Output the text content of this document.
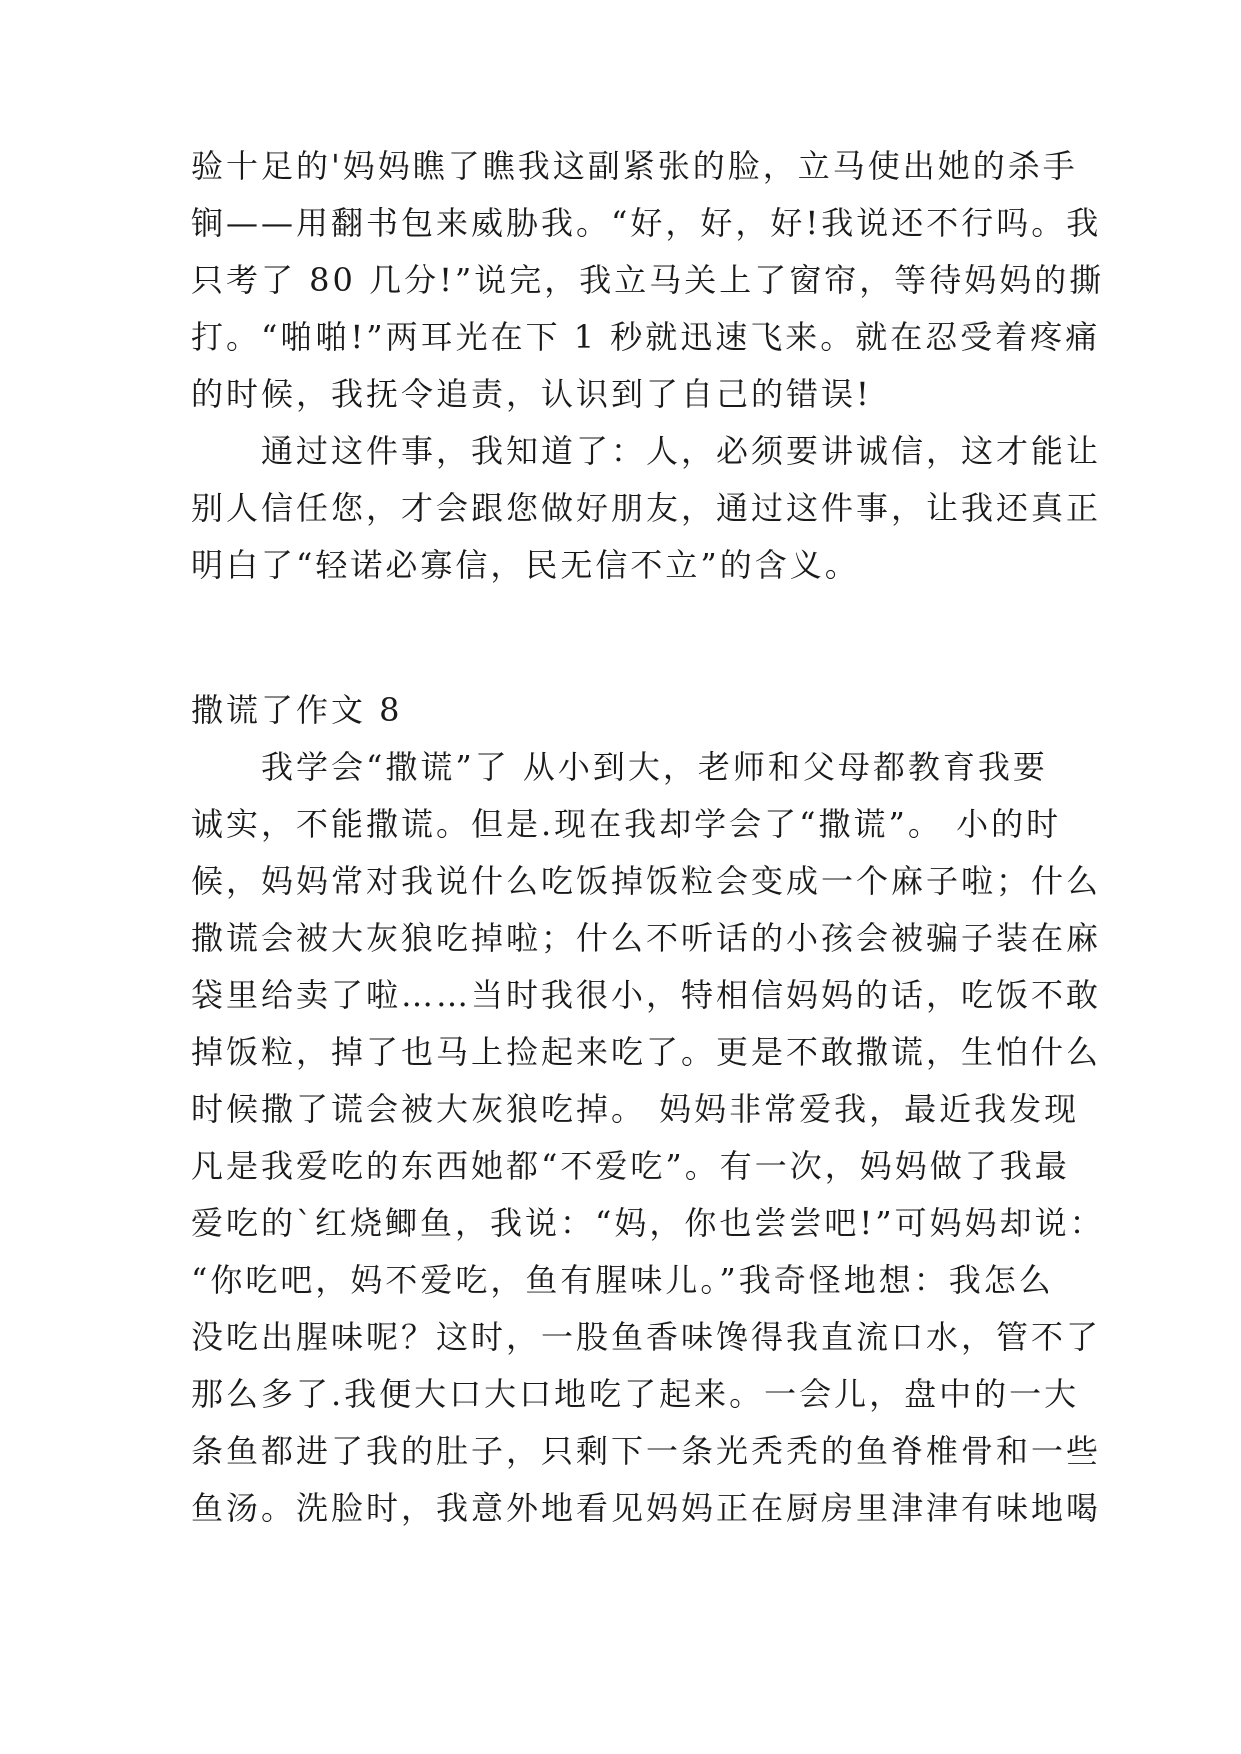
验十足的'妈妈瞧了瞧我这副紧张的脸，立马使出她的杀手
锏——用翻书包来威胁我。“好，好，好!我说还不行吗。我
只考了 80 几分!”说完，我立马关上了窗帘，等待妈妈的撕
打。“啪啪!”两耳光在下 1 秒就迅速飞来。就在忍受着疼痛
的时候，我抚令追责，认识到了自己的错误!
　　通过这件事，我知道了：人，必须要讲诚信，这才能让
别人信任您，才会跟您做好朋友，通过这件事，让我还真正
明白了“轻诺必寡信，民无信不立”的含义。
撒谎了作文 8
　　我学会“撒谎”了 从小到大，老师和父母都教育我要
诚实，不能撒谎。但是.现在我却学会了“撒谎”。 小的时
候，妈妈常对我说什么吃饭掉饭粒会变成一个麻子啦；什么
撒谎会被大灰狼吃掉啦；什么不听话的小孩会被骗子装在麻
袋里给卖了啦……当时我很小，特相信妈妈的话，吃饭不敢
掉饭粒，掉了也马上捡起来吃了。更是不敢撒谎，生怕什么
时候撒了谎会被大灰狼吃掉。 妈妈非常爱我，最近我发现
凡是我爱吃的东西她都“不爱吃”。有一次，妈妈做了我最
爱吃的`红烧鲫鱼，我说：“妈，你也尝尝吧!”可妈妈却说：
“你吃吧，妈不爱吃，鱼有腥味儿。”我奇怪地想：我怎么
没吃出腥味呢？这时，一股鱼香味馋得我直流口水，管不了
那么多了.我便大口大口地吃了起来。一会儿，盘中的一大
条鱼都进了我的肚子，只剩下一条光秃秃的鱼脊椎骨和一些
鱼汤。洗脸时，我意外地看见妈妈正在厨房里津津有味地喝
